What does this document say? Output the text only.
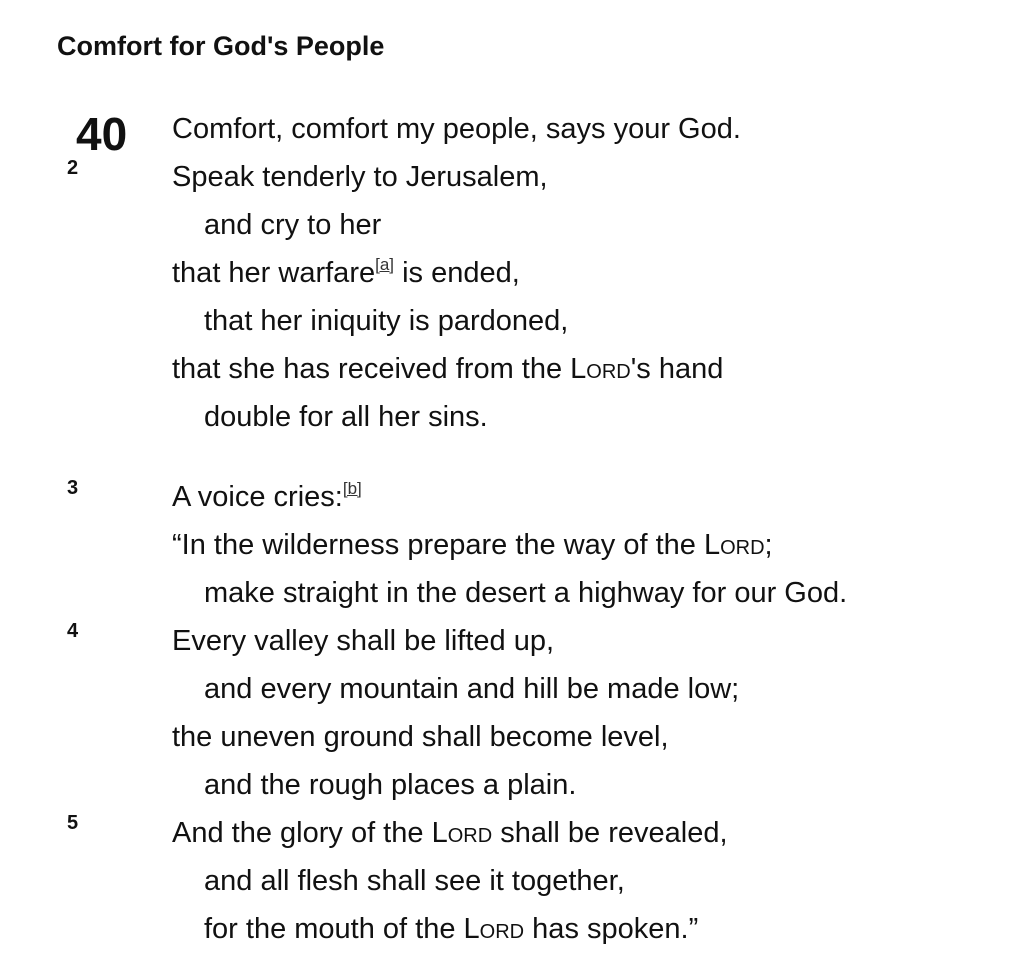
Comfort for God's People
40
2
3
4
5
Comfort, comfort my people, says your God.
Speak tenderly to Jerusalem,
and cry to her
that her warfare[a] is ended,
that her iniquity is pardoned,
that she has received from the Lord's hand
double for all her sins.
A voice cries:[b]
“In the wilderness prepare the way of the Lord;
make straight in the desert a highway for our God.
Every valley shall be lifted up,
and every mountain and hill be made low;
the uneven ground shall become level,
and the rough places a plain.
And the glory of the Lord shall be revealed,
and all flesh shall see it together,
for the mouth of the Lord has spoken.”
